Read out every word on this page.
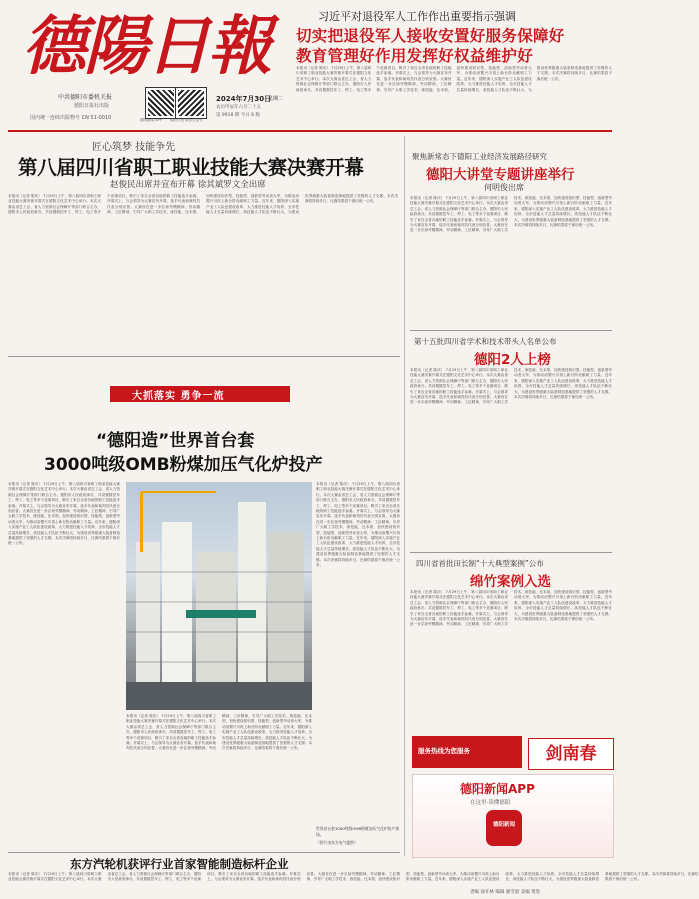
德陽日報
中共德阳市委机关报
德阳日报社出版
国内统一连续出版物号 CN 51-0010	德阳新闻 APP 德阳日报 微信公众号
2024年7月30日
星期二
农历甲辰年六月二十五
第 9918 期 今日 8 版
习近平对退役军人工作作出重要指示强调
切实把退役军人接收安置好服务保障好
教育管理好作用发挥好权益维护好
本报讯（记者 陈庆） 7月29日上午，第八届四川省职工职业技能大赛决赛开幕式在德阳文化艺术中心举行。本次大赛由省总工会、省人力资源社会保障厅等部门联合主办，德阳市人民政府承办，共设置数控车工、焊工、电工等多个竞赛项目，吸引了来自全省各地的职工技能选手参赛。开幕式上，与会领导为大赛宣布开幕，选手代表和裁判员代表分别宣誓。大赛旨在进一步弘扬劳模精神、劳动精神、工匠精神，引导广大职工学技术、练技能、比本领，加快建设知识型、技能型、创新型劳动者大军，为推动治蜀兴川再上新台阶贡献职工力量。近年来，德阳深入实施产业工人队伍建设改革，大力推进技能人才培养，全市技能人才总量持续增长，高技能人才队伍不断壮大，为建设世界级重大装备制造基地提供了坚强的人才支撑。本次决赛将持续多日，比赛结果将于赛后统一公布。
匠心筑梦 技能争先
第八届四川省职工职业技能大赛决赛开幕
赵俊民出席并宣布开幕 徐其斌罗文全出席
本报讯（记者 陈庆） 7月29日上午，第八届四川省职工职业技能大赛决赛开幕式在德阳文化艺术中心举行。本次大赛由省总工会、省人力资源社会保障厅等部门联合主办，德阳市人民政府承办，共设置数控车工、焊工、电工等多个竞赛项目，吸引了来自全省各地的职工技能选手参赛。开幕式上，与会领导为大赛宣布开幕，选手代表和裁判员代表分别宣誓。大赛旨在进一步弘扬劳模精神、劳动精神、工匠精神，引导广大职工学技术、练技能、比本领，加快建设知识型、技能型、创新型劳动者大军，为推动治蜀兴川再上新台阶贡献职工力量。近年来，德阳深入实施产业工人队伍建设改革，大力推进技能人才培养，全市技能人才总量持续增长，高技能人才队伍不断壮大，为建设世界级重大装备制造基地提供了坚强的人才支撑。本次决赛将持续多日，比赛结果将于赛后统一公布。
聚焦新常态下德阳工业经济发展路径研究
德阳大讲堂专题讲座举行
何明俊出席
本报讯（记者 陈庆） 7月29日上午，第八届四川省职工职业技能大赛决赛开幕式在德阳文化艺术中心举行。本次大赛由省总工会、省人力资源社会保障厅等部门联合主办，德阳市人民政府承办，共设置数控车工、焊工、电工等多个竞赛项目，吸引了来自全省各地的职工技能选手参赛。开幕式上，与会领导为大赛宣布开幕，选手代表和裁判员代表分别宣誓。大赛旨在进一步弘扬劳模精神、劳动精神、工匠精神，引导广大职工学技术、练技能、比本领，加快建设知识型、技能型、创新型劳动者大军，为推动治蜀兴川再上新台阶贡献职工力量。近年来，德阳深入实施产业工人队伍建设改革，大力推进技能人才培养，全市技能人才总量持续增长，高技能人才队伍不断壮大，为建设世界级重大装备制造基地提供了坚强的人才支撑。本次决赛将持续多日，比赛结果将于赛后统一公布。
第十五批四川省学术和技术带头人名单公布
德阳2人上榜
本报讯（记者 陈庆） 7月29日上午，第八届四川省职工职业技能大赛决赛开幕式在德阳文化艺术中心举行。本次大赛由省总工会、省人力资源社会保障厅等部门联合主办，德阳市人民政府承办，共设置数控车工、焊工、电工等多个竞赛项目，吸引了来自全省各地的职工技能选手参赛。开幕式上，与会领导为大赛宣布开幕，选手代表和裁判员代表分别宣誓。大赛旨在进一步弘扬劳模精神、劳动精神、工匠精神，引导广大职工学技术、练技能、比本领，加快建设知识型、技能型、创新型劳动者大军，为推动治蜀兴川再上新台阶贡献职工力量。近年来，德阳深入实施产业工人队伍建设改革，大力推进技能人才培养，全市技能人才总量持续增长，高技能人才队伍不断壮大，为建设世界级重大装备制造基地提供了坚强的人才支撑。本次决赛将持续多日，比赛结果将于赛后统一公布。
大抓落实 勇争一流
“德阳造”世界首台套
3000吨级OMB粉煤加压气化炉投产
本报讯（记者 陈庆） 7月29日上午，第八届四川省职工职业技能大赛决赛开幕式在德阳文化艺术中心举行。本次大赛由省总工会、省人力资源社会保障厅等部门联合主办，德阳市人民政府承办，共设置数控车工、焊工、电工等多个竞赛项目，吸引了来自全省各地的职工技能选手参赛。开幕式上，与会领导为大赛宣布开幕，选手代表和裁判员代表分别宣誓。大赛旨在进一步弘扬劳模精神、劳动精神、工匠精神，引导广大职工学技术、练技能、比本领，加快建设知识型、技能型、创新型劳动者大军，为推动治蜀兴川再上新台阶贡献职工力量。近年来，德阳深入实施产业工人队伍建设改革，大力推进技能人才培养，全市技能人才总量持续增长，高技能人才队伍不断壮大，为建设世界级重大装备制造基地提供了坚强的人才支撑。本次决赛将持续多日，比赛结果将于赛后统一公布。
本报讯（记者 陈庆） 7月29日上午，第八届四川省职工职业技能大赛决赛开幕式在德阳文化艺术中心举行。本次大赛由省总工会、省人力资源社会保障厅等部门联合主办，德阳市人民政府承办，共设置数控车工、焊工、电工等多个竞赛项目，吸引了来自全省各地的职工技能选手参赛。开幕式上，与会领导为大赛宣布开幕，选手代表和裁判员代表分别宣誓。大赛旨在进一步弘扬劳模精神、劳动精神、工匠精神，引导广大职工学技术、练技能、比本领，加快建设知识型、技能型、创新型劳动者大军，为推动治蜀兴川再上新台阶贡献职工力量。近年来，德阳深入实施产业工人队伍建设改革，大力推进技能人才培养，全市技能人才总量持续增长，高技能人才队伍不断壮大，为建设世界级重大装备制造基地提供了坚强的人才支撑。本次决赛将持续多日，比赛结果将于赛后统一公布。
世界首台套3000吨级OMB粉煤加压气化炉投产现场。
（图片由东方电气提供）
本报讯（记者 陈庆） 7月29日上午，第八届四川省职工职业技能大赛决赛开幕式在德阳文化艺术中心举行。本次大赛由省总工会、省人力资源社会保障厅等部门联合主办，德阳市人民政府承办，共设置数控车工、焊工、电工等多个竞赛项目，吸引了来自全省各地的职工技能选手参赛。开幕式上，与会领导为大赛宣布开幕，选手代表和裁判员代表分别宣誓。大赛旨在进一步弘扬劳模精神、劳动精神、工匠精神，引导广大职工学技术、练技能、比本领，加快建设知识型、技能型、创新型劳动者大军，为推动治蜀兴川再上新台阶贡献职工力量。近年来，德阳深入实施产业工人队伍建设改革，大力推进技能人才培养，全市技能人才总量持续增长，高技能人才队伍不断壮大，为建设世界级重大装备制造基地提供了坚强的人才支撑。本次决赛将持续多日，比赛结果将于赛后统一公布。
四川省首批田长制“十大典型案例”公布
绵竹案例入选
本报讯（记者 陈庆） 7月29日上午，第八届四川省职工职业技能大赛决赛开幕式在德阳文化艺术中心举行。本次大赛由省总工会、省人力资源社会保障厅等部门联合主办，德阳市人民政府承办，共设置数控车工、焊工、电工等多个竞赛项目，吸引了来自全省各地的职工技能选手参赛。开幕式上，与会领导为大赛宣布开幕，选手代表和裁判员代表分别宣誓。大赛旨在进一步弘扬劳模精神、劳动精神、工匠精神，引导广大职工学技术、练技能、比本领，加快建设知识型、技能型、创新型劳动者大军，为推动治蜀兴川再上新台阶贡献职工力量。近年来，德阳深入实施产业工人队伍建设改革，大力推进技能人才培养，全市技能人才总量持续增长，高技能人才队伍不断壮大，为建设世界级重大装备制造基地提供了坚强的人才支撑。本次决赛将持续多日，比赛结果将于赛后统一公布。
服务热线为您服务	剑南春
德阳新闻APP
在这里·读懂德阳
德阳新闻
东方汽轮机获评行业首家智能制造标杆企业
本报讯（记者 陈庆） 7月29日上午，第八届四川省职工职业技能大赛决赛开幕式在德阳文化艺术中心举行。本次大赛由省总工会、省人力资源社会保障厅等部门联合主办，德阳市人民政府承办，共设置数控车工、焊工、电工等多个竞赛项目，吸引了来自全省各地的职工技能选手参赛。开幕式上，与会领导为大赛宣布开幕，选手代表和裁判员代表分别宣誓。大赛旨在进一步弘扬劳模精神、劳动精神、工匠精神，引导广大职工学技术、练技能、比本领，加快建设知识型、技能型、创新型劳动者大军，为推动治蜀兴川再上新台阶贡献职工力量。近年来，德阳深入实施产业工人队伍建设改革，大力推进技能人才培养，全市技能人才总量持续增长，高技能人才队伍不断壮大，为建设世界级重大装备制造基地提供了坚强的人才支撑。本次决赛将持续多日，比赛结果将于赛后统一公布。
责编 徐开林 编辑 廖雪晨 美编 黄进
